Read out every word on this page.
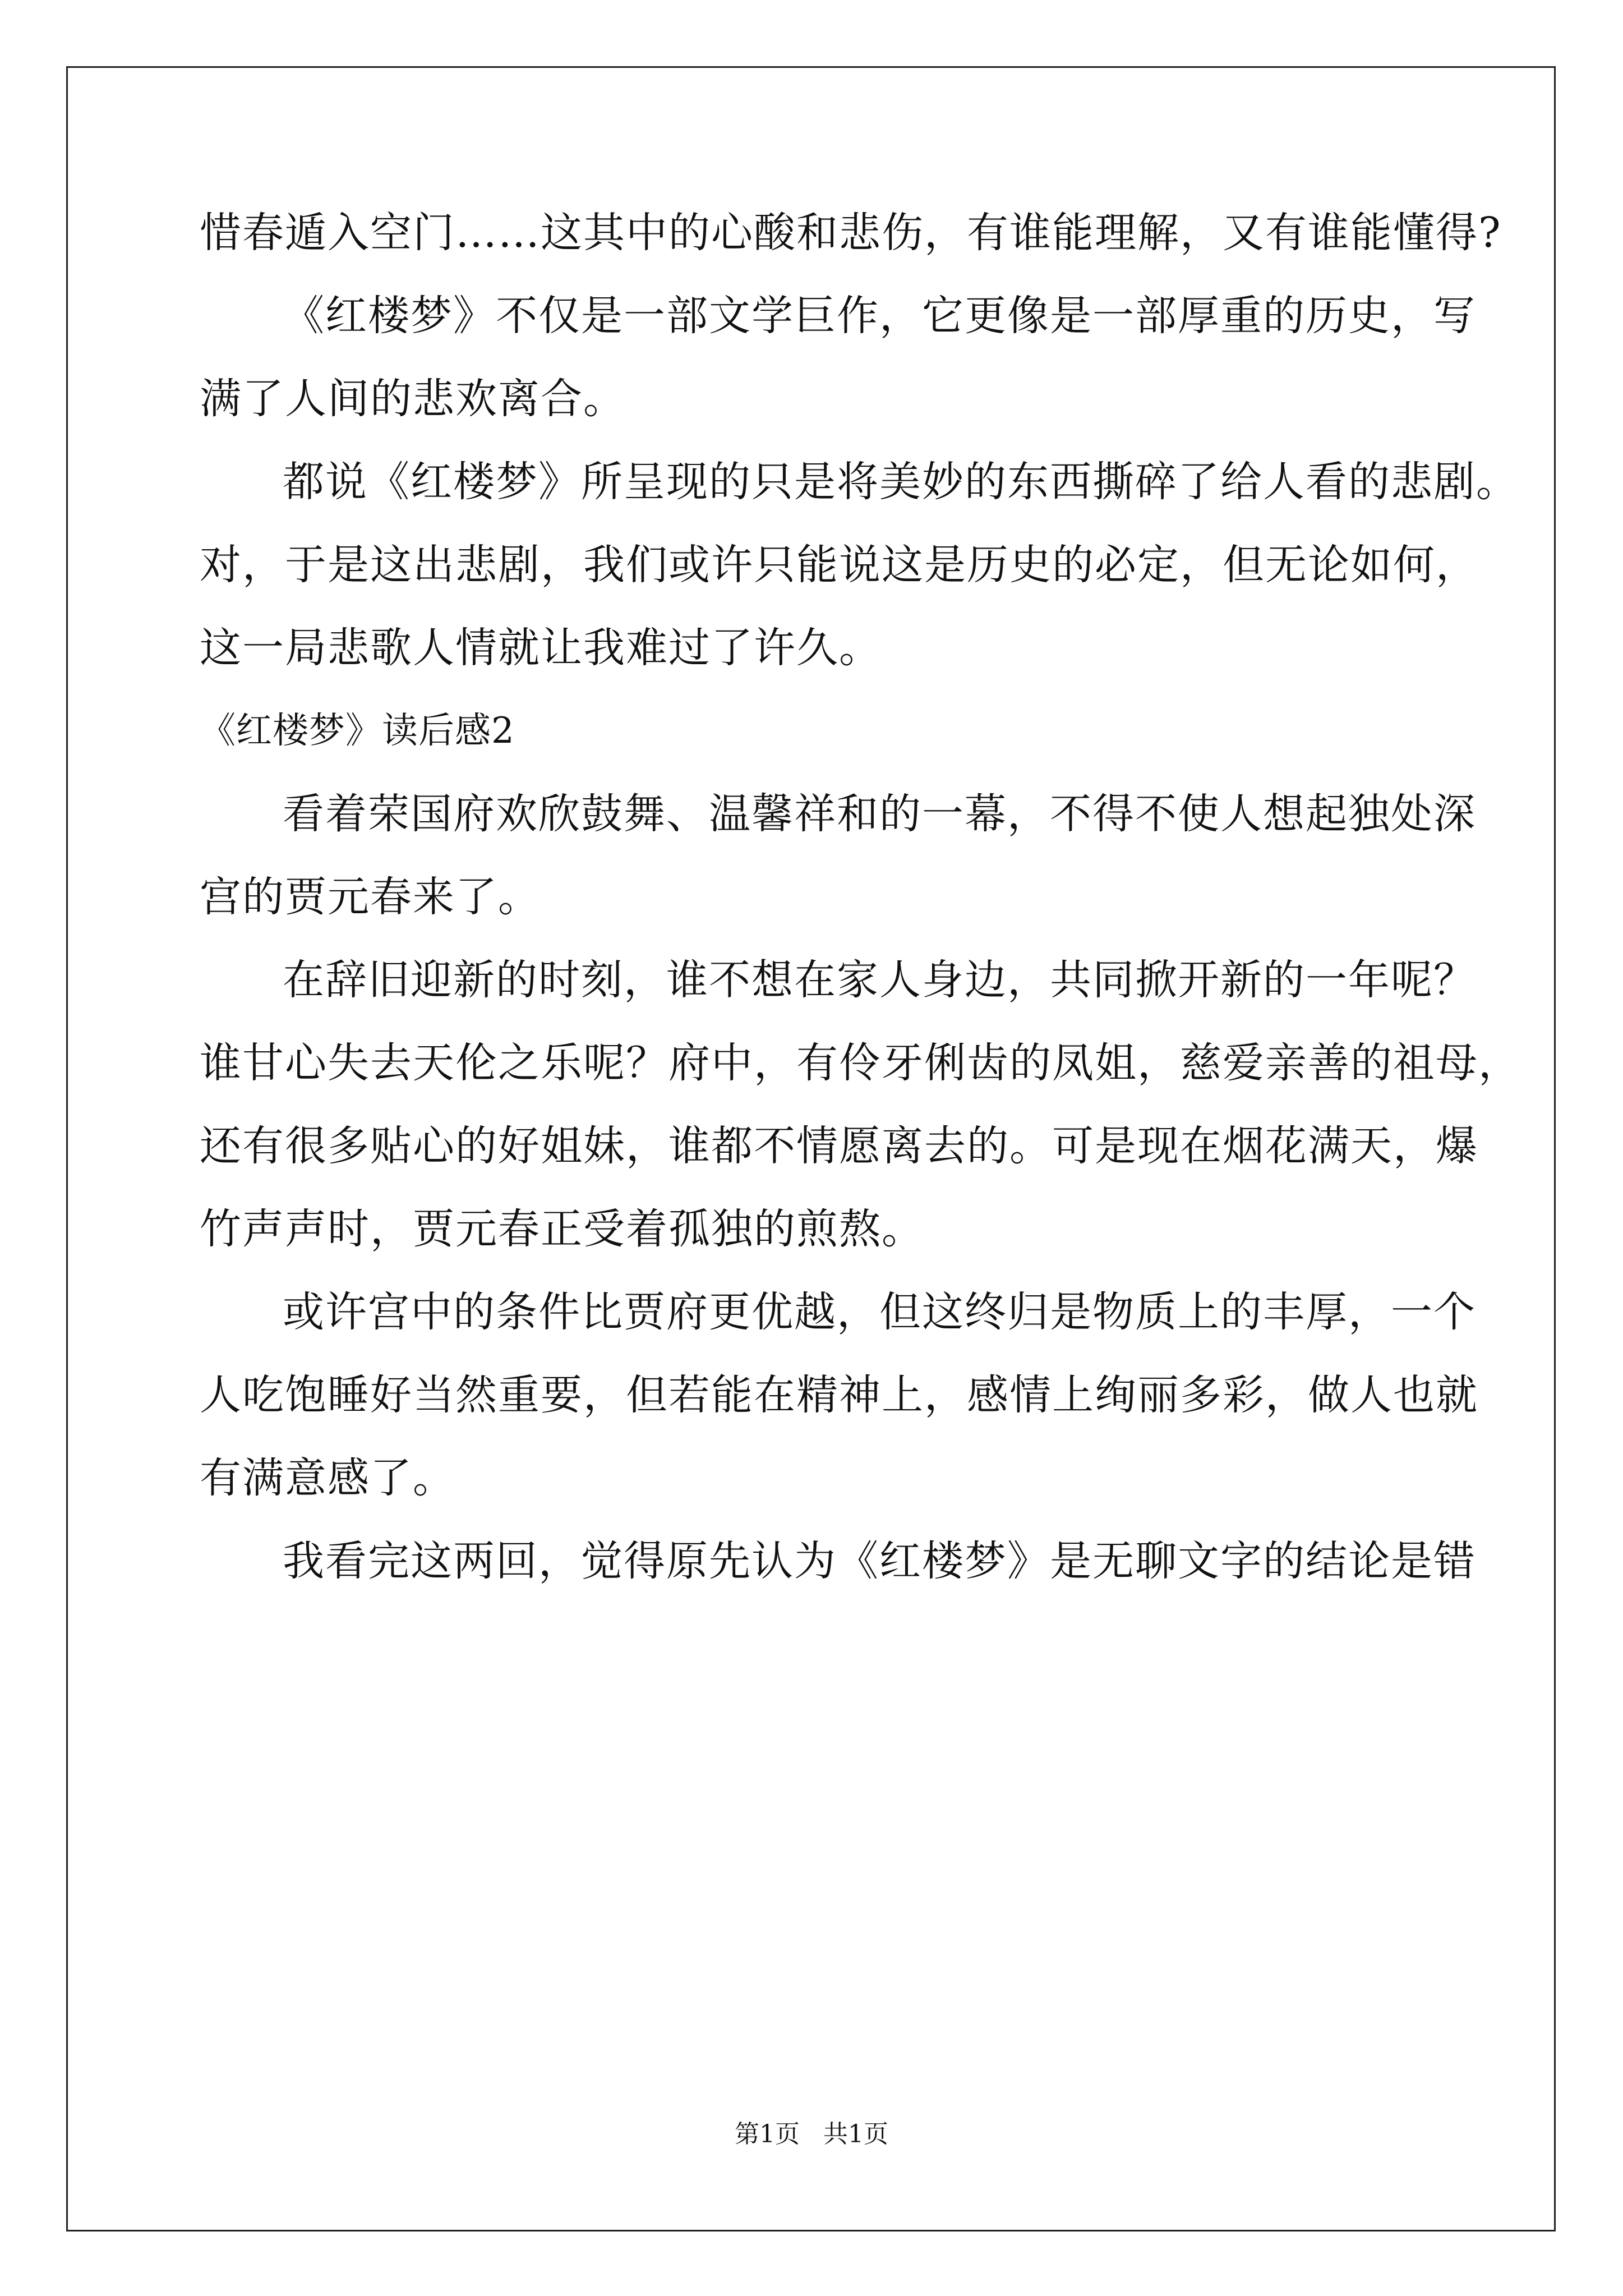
惜春遁入空门……这其中的心酸和悲伤，有谁能理解，又有谁能懂得?
《红楼梦》不仅是一部文学巨作，它更像是一部厚重的历史，写
满了人间的悲欢离合。
都说《红楼梦》所呈现的只是将美妙的东西撕碎了给人看的悲剧。
对，于是这出悲剧，我们或许只能说这是历史的必定，但无论如何，
这一局悲歌人情就让我难过了许久。
《红楼梦》读后感2
看着荣国府欢欣鼓舞、温馨祥和的一幕，不得不使人想起独处深
宫的贾元春来了。
在辞旧迎新的时刻，谁不想在家人身边，共同掀开新的一年呢？
谁甘心失去天伦之乐呢？府中，有伶牙俐齿的凤姐，慈爱亲善的祖母，
还有很多贴心的好姐妹，谁都不情愿离去的。可是现在烟花满天，爆
竹声声时，贾元春正受着孤独的煎熬。
或许宫中的条件比贾府更优越，但这终归是物质上的丰厚，一个
人吃饱睡好当然重要，但若能在精神上，感情上绚丽多彩，做人也就
有满意感了。
我看完这两回，觉得原先认为《红楼梦》是无聊文字的结论是错
第1页   共1页
